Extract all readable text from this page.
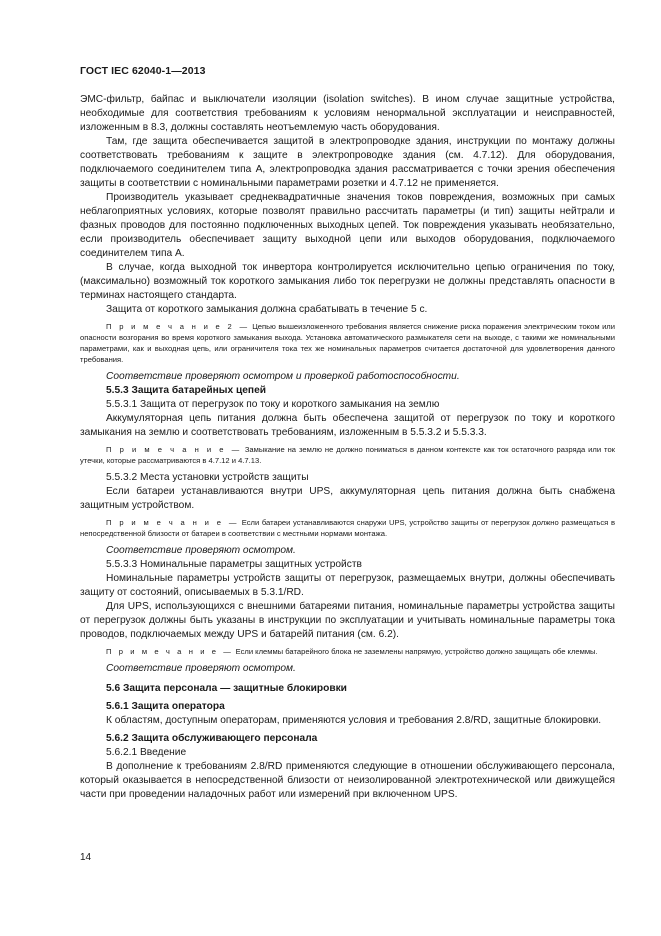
ГОСТ IEC 62040-1—2013

ЭМС-фильтр, байпас и выключатели изоляции (isolation switches). В ином случае защитные устройства, необходимые для соответствия требованиям к условиям ненормальной эксплуатации и неисправностей, изложенным в 8.3, должны составлять неотъемлемую часть оборудования.

Там, где защита обеспечивается защитой в электропроводке здания, инструкции по монтажу должны соответствовать требованиям к защите в электропроводке здания (см. 4.7.12). Для оборудования, подключаемого соединителем типа А, электропроводка здания рассматривается с точки зрения обеспечения защиты в соответствии с номинальными параметрами розетки и 4.7.12 не применяется.

Производитель указывает среднеквадратичные значения токов повреждения, возможных при самых неблагоприятных условиях, которые позволят правильно рассчитать параметры (и тип) защиты нейтрали и фазных проводов для постоянно подключенных выходных цепей. Ток повреждения указывать необязательно, если производитель обеспечивает защиту выходной цепи или выходов оборудования, подключаемого соединителем типа А.

В случае, когда выходной ток инвертора контролируется исключительно цепью ограничения по току, (максимально) возможный ток короткого замыкания либо ток перегрузки не должны представлять опасности в терминах настоящего стандарта.

Защита от короткого замыкания должна срабатывать в течение 5 с.

П р и м е ч а н и е 2 — Цепью вышеизложенного требования является снижение риска поражения электрическим током или опасности возгорания во время короткого замыкания выхода. Установка автоматического размыкателя сети на выходе, с такими же номинальными параметрами, как и выходная цепь, или ограничителя тока тех же номинальных параметров считается достаточной для удовлетворения данного требования.

Соответствие проверяют осмотром и проверкой работоспособности.

5.5.3 Защита батарейных цепей

5.5.3.1 Защита от перегрузок по току и короткого замыкания на землю

Аккумуляторная цепь питания должна быть обеспечена защитой от перегрузок по току и короткого замыкания на землю и соответствовать требованиям, изложенным в 5.5.3.2 и 5.5.3.3.

П р и м е ч а н и е — Замыкание на землю не должно пониматься в данном контексте как ток остаточного разряда или ток утечки, которые рассматриваются в 4.7.12 и 4.7.13.

5.5.3.2 Места установки устройств защиты

Если батареи устанавливаются внутри UPS, аккумуляторная цепь питания должна быть снабжена защитным устройством.

П р и м е ч а н и е — Если батареи устанавливаются снаружи UPS, устройство защиты от перегрузок должно размещаться в непосредственной близости от батареи в соответствии с местными нормами монтажа.

Соответствие проверяют осмотром.

5.5.3.3 Номинальные параметры защитных устройств

Номинальные параметры устройств защиты от перегрузок, размещаемых внутри, должны обеспечивать защиту от состояний, описываемых в 5.3.1/RD.

Для UPS, использующихся с внешними батареями питания, номинальные параметры устройства защиты от перегрузок должны быть указаны в инструкции по эксплуатации и учитывать номинальные параметры тока проводов, подключаемых между UPS и батарейй питания (см. 6.2).

П р и м е ч а н и е — Если клеммы батарейного блока не заземлены напрямую, устройство должно защищать обе клеммы.

Соответствие проверяют осмотром.

5.6 Защита персонала — защитные блокировки

5.6.1 Защита оператора

К областям, доступным операторам, применяются условия и требования 2.8/RD, защитные блокировки.

5.6.2 Защита обслуживающего персонала

5.6.2.1 Введение

В дополнение к требованиям 2.8/RD применяются следующие в отношении обслуживающего персонала, который оказывается в непосредственной близости от неизолированной электротехнической или движущейся части при проведении наладочных работ или измерений при включенном UPS.

14
